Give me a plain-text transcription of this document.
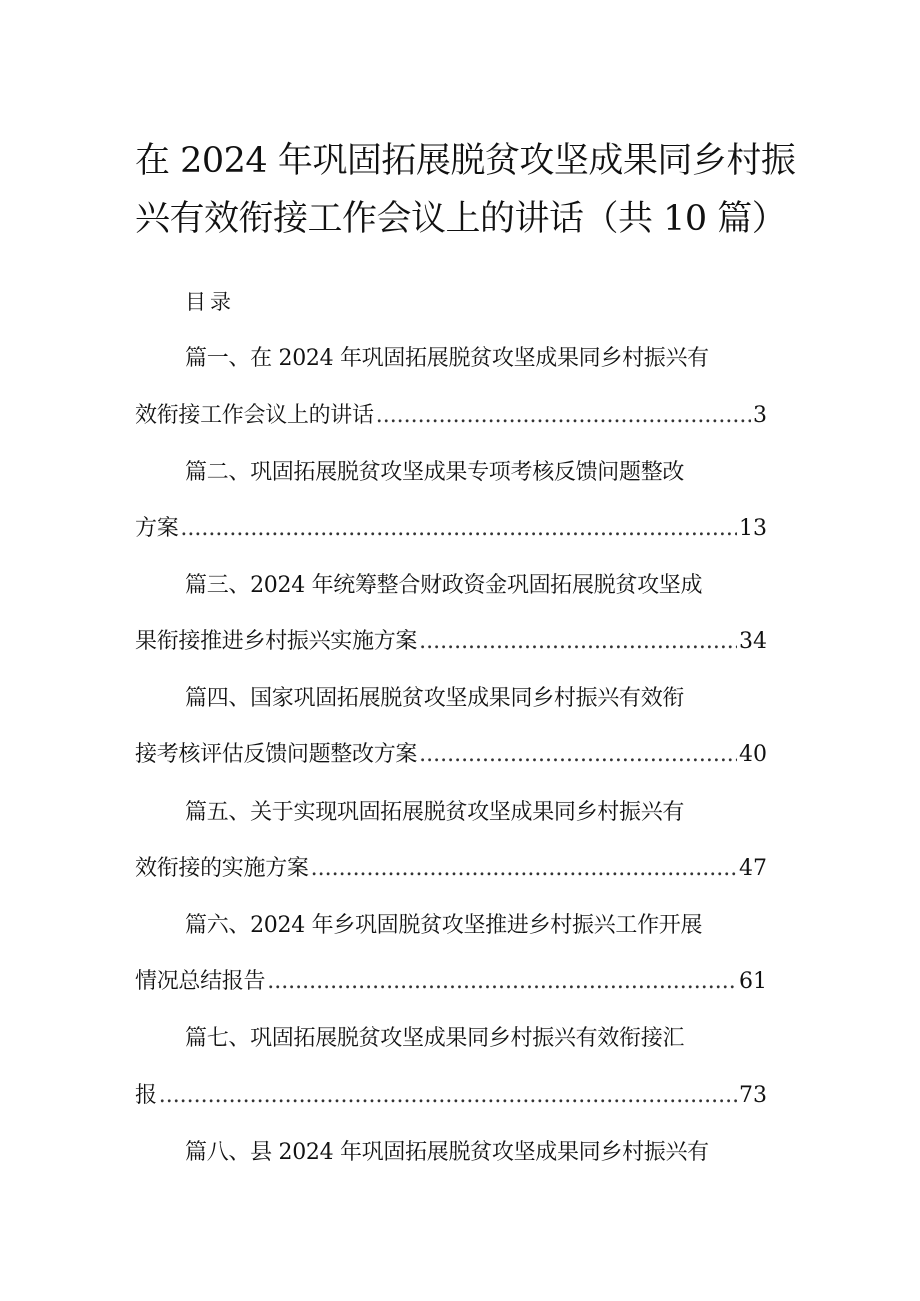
在 2024 年巩固拓展脱贫攻坚成果同乡村振
兴有效衔接工作会议上的讲话（共 10 篇）
目录
篇一、在 2024 年巩固拓展脱贫攻坚成果同乡村振兴有
效衔接工作会议上的讲话 .....	3
篇二、巩固拓展脱贫攻坚成果专项考核反馈问题整改
方案 .....	13
篇三、2024 年统筹整合财政资金巩固拓展脱贫攻坚成
果衔接推进乡村振兴实施方案 .....	34
篇四、国家巩固拓展脱贫攻坚成果同乡村振兴有效衔
接考核评估反馈问题整改方案 .....	40
篇五、关于实现巩固拓展脱贫攻坚成果同乡村振兴有
效衔接的实施方案 .....	47
篇六、2024 年乡巩固脱贫攻坚推进乡村振兴工作开展
情况总结报告 .....	61
篇七、巩固拓展脱贫攻坚成果同乡村振兴有效衔接汇
报 .....	73
篇八、县 2024 年巩固拓展脱贫攻坚成果同乡村振兴有
